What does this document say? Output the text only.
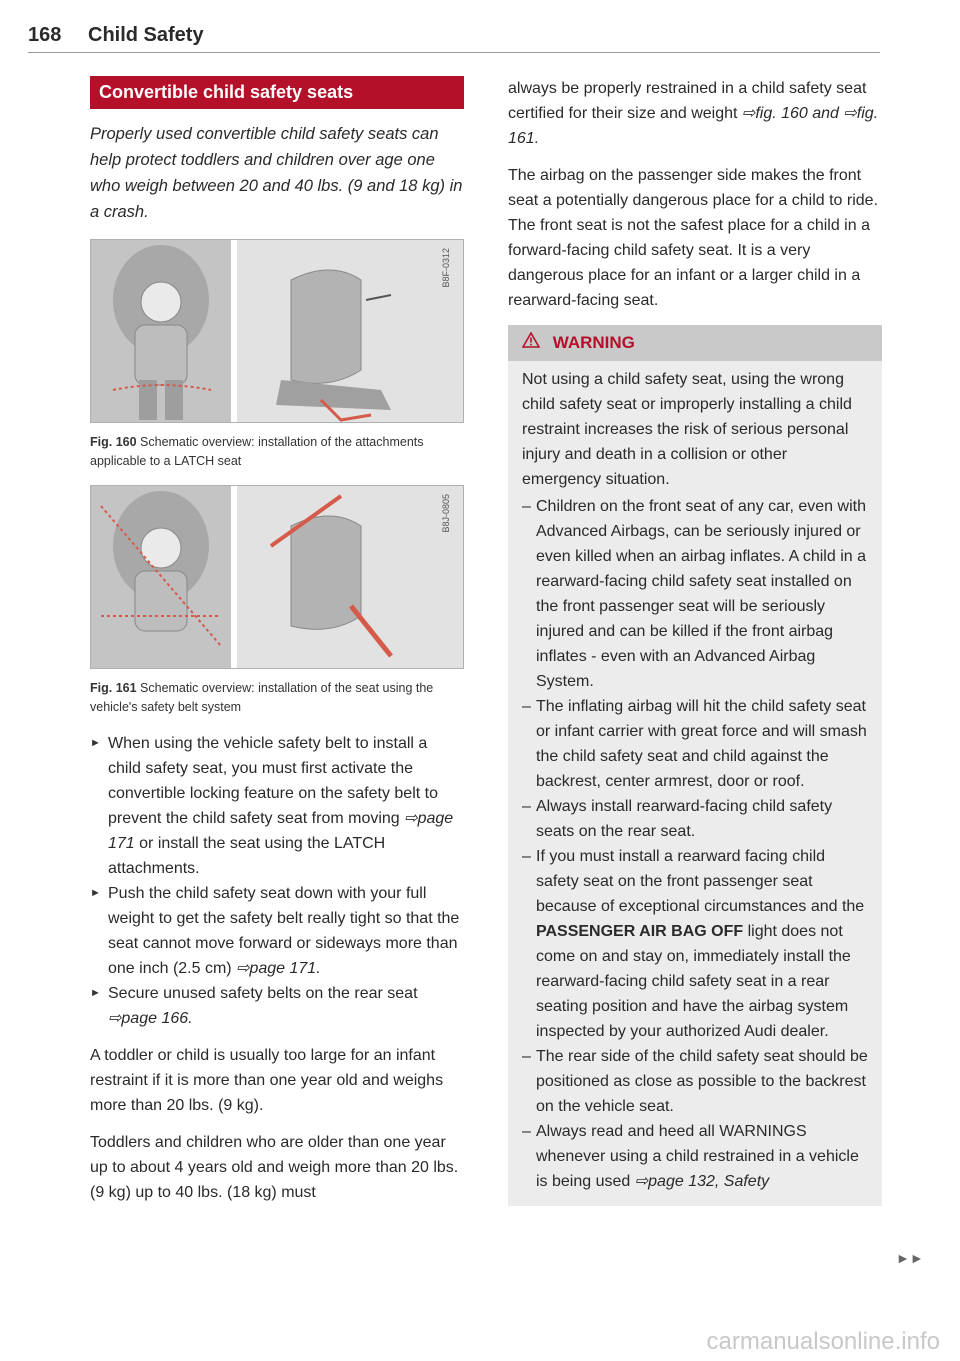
168 Child Safety
Convertible child safety seats
Properly used convertible child safety seats can help protect toddlers and children over age one who weigh between 20 and 40 lbs. (9 and 18 kg) in a crash.
B8F-0312
Fig. 160 Schematic overview: installation of the attachments applicable to a LATCH seat
B8J-0805
Fig. 161 Schematic overview: installation of the seat using the vehicle's safety belt system
► When using the vehicle safety belt to install a child safety seat, you must first activate the convertible locking feature on the safety belt to prevent the child safety seat from moving ⇨page 171 or install the seat using the LATCH attachments.
► Push the child safety seat down with your full weight to get the safety belt really tight so that the seat cannot move forward or sideways more than one inch (2.5 cm) ⇨page 171.
► Secure unused safety belts on the rear seat ⇨page 166.

A toddler or child is usually too large for an infant restraint if it is more than one year old and weighs more than 20 lbs. (9 kg).

Toddlers and children who are older than one year up to about 4 years old and weigh more than 20 lbs. (9 kg) up to 40 lbs. (18 kg) must

always be properly restrained in a child safety seat certified for their size and weight ⇨fig. 160 and ⇨fig. 161.

The airbag on the passenger side makes the front seat a potentially dangerous place for a child to ride. The front seat is not the safest place for a child in a forward-facing child safety seat. It is a very dangerous place for an infant or a larger child in a rearward-facing seat.

WARNING

Not using a child safety seat, using the wrong child safety seat or improperly installing a child restraint increases the risk of serious personal injury and death in a collision or other emergency situation.

– Children on the front seat of any car, even with Advanced Airbags, can be seriously injured or even killed when an airbag inflates. A child in a rearward-facing child safety seat installed on the front passenger seat will be seriously injured and can be killed if the front airbag inflates - even with an Advanced Airbag System.
– The inflating airbag will hit the child safety seat or infant carrier with great force and will smash the child safety seat and child against the backrest, center armrest, door or roof.
– Always install rearward-facing child safety seats on the rear seat.
– If you must install a rearward facing child safety seat on the front passenger seat because of exceptional circumstances and the PASSENGER AIR BAG OFF light does not come on and stay on, immediately install the rearward-facing child safety seat in a rear seating position and have the airbag system inspected by your authorized Audi dealer.
– The rear side of the child safety seat should be positioned as close as possible to the backrest on the vehicle seat.
– Always read and heed all WARNINGS whenever using a child restrained in a vehicle is being used ⇨page 132, Safety
►►
carmanualsonline.info
